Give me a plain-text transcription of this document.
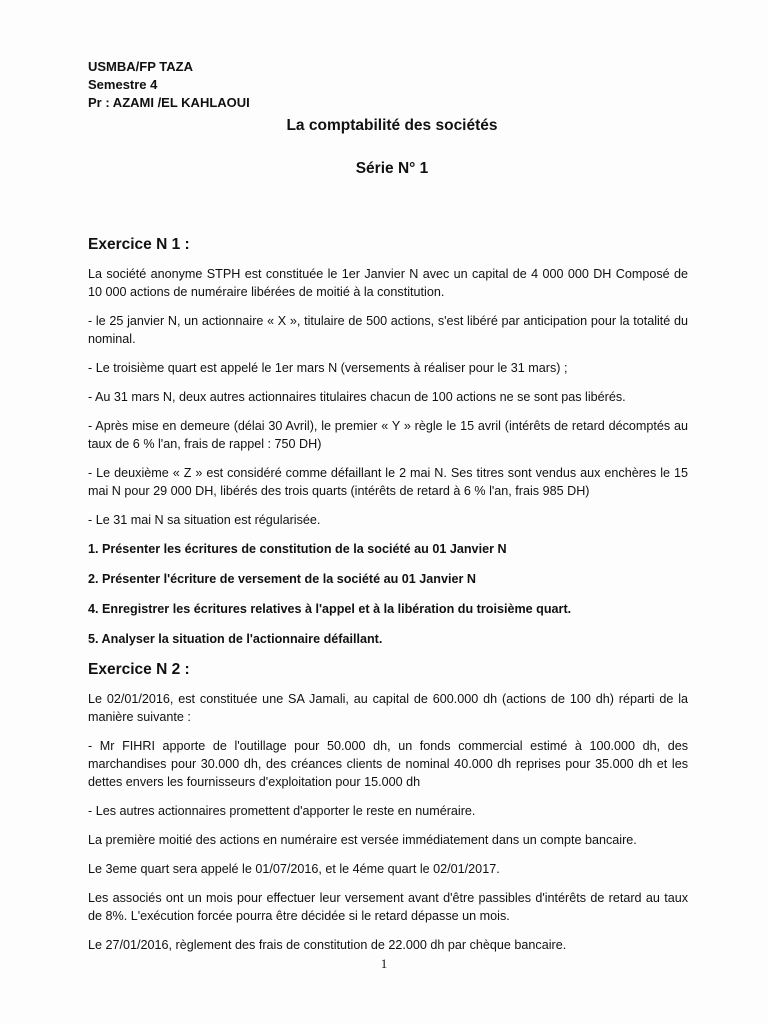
USMBA/FP TAZA
Semestre 4
Pr : AZAMI /EL KAHLAOUI
La comptabilité des sociétés
Série N° 1
Exercice N 1 :

La société anonyme STPH est constituée le 1er Janvier N avec un capital de 4 000 000 DH Composé de 10 000 actions de numéraire libérées de moitié à la constitution.

- le 25 janvier N, un actionnaire « X », titulaire de 500 actions, s'est libéré par anticipation pour la totalité du nominal.

- Le troisième quart est appelé le 1er mars N (versements à réaliser pour le 31 mars) ;

- Au 31 mars N, deux autres actionnaires titulaires chacun de 100 actions ne se sont pas libérés.

- Après mise en demeure (délai 30 Avril), le premier « Y » règle le 15 avril (intérêts de retard décomptés au taux de 6 % l'an, frais de rappel : 750 DH)

- Le deuxième « Z » est considéré comme défaillant le 2 mai N. Ses titres sont vendus aux enchères le 15 mai N pour 29 000 DH, libérés des trois quarts (intérêts de retard à 6 % l'an, frais 985 DH)

- Le 31 mai N sa situation est régularisée.

1. Présenter les écritures de constitution de la société au 01 Janvier N

2. Présenter l'écriture de versement de la société au 01 Janvier N

4. Enregistrer les écritures relatives à l'appel et à la libération du troisième quart.

5. Analyser la situation de l'actionnaire défaillant.

Exercice N 2 :

Le 02/01/2016, est constituée une SA Jamali, au capital de 600.000 dh (actions de 100 dh) réparti de la manière suivante :

- Mr FIHRI apporte de l'outillage pour 50.000 dh, un fonds commercial estimé à 100.000 dh, des marchandises pour 30.000 dh, des créances clients de nominal 40.000 dh reprises pour 35.000 dh et les dettes envers les fournisseurs d'exploitation pour 15.000 dh

- Les autres actionnaires promettent d'apporter le reste en numéraire.

La première moitié des actions en numéraire est versée immédiatement dans un compte bancaire.

Le 3eme quart sera appelé le 01/07/2016, et le 4éme quart le 02/01/2017.

Les associés ont un mois pour effectuer leur versement avant d'être passibles d'intérêts de retard au taux de 8%. L'exécution forcée pourra être décidée si le retard dépasse un mois.

Le 27/01/2016, règlement des frais de constitution de 22.000 dh par chèque bancaire.

1
